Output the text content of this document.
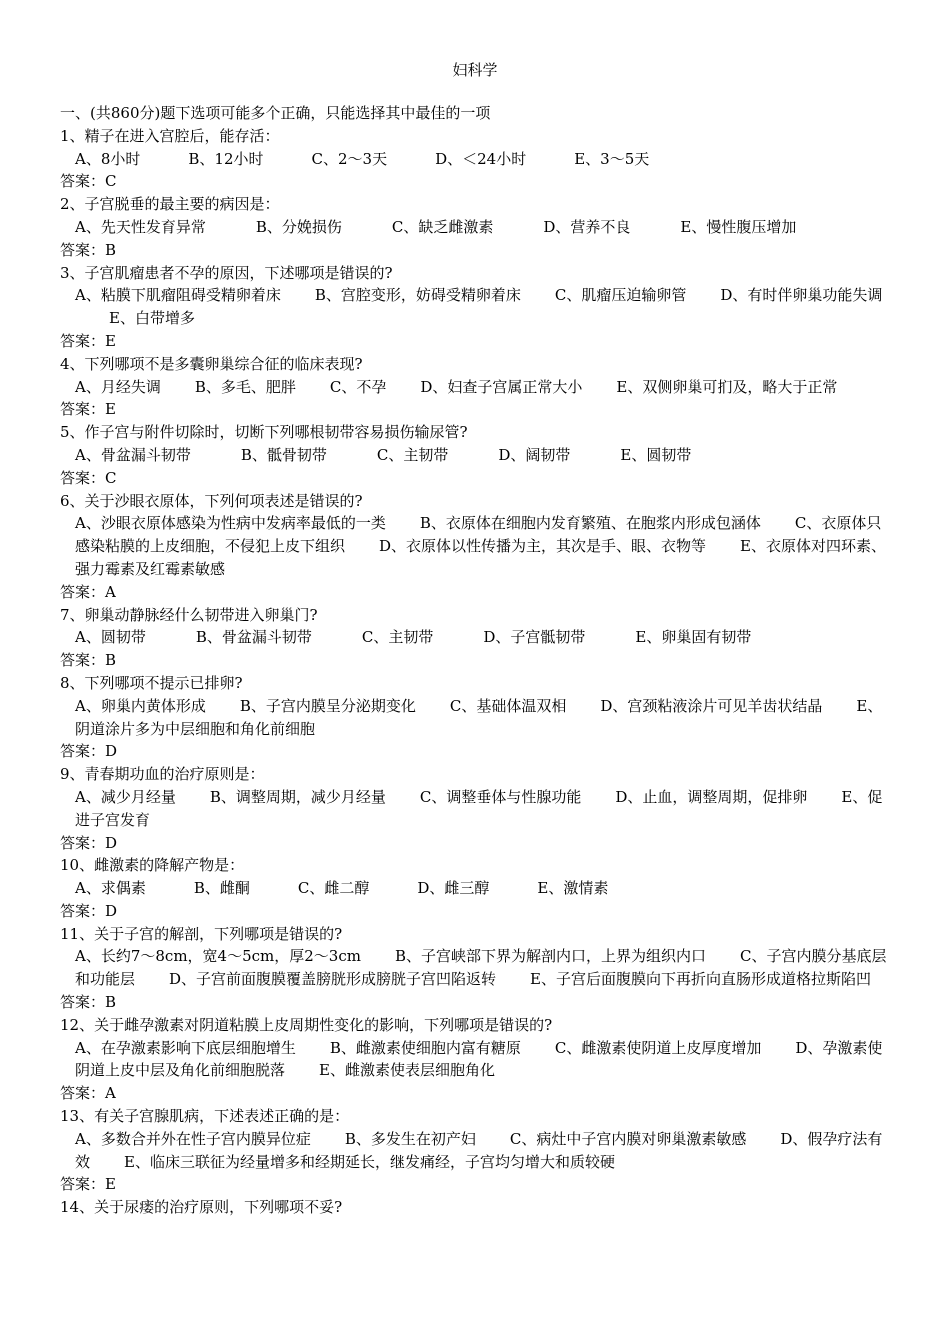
妇科学
一、(共860分)题下选项可能多个正确，只能选择其中最佳的一项
1、精子在进入宫腔后，能存活：
A、8小时	B、12小时	C、2～3天	D、＜24小时	E、3～5天
答案：C
2、子宫脱垂的最主要的病因是：
A、先天性发育异常	B、分娩损伤	C、缺乏雌激素	D、营养不良	E、慢性腹压增加
答案：B
3、子宫肌瘤患者不孕的原因，下述哪项是错误的?
A、粘膜下肌瘤阻碍受精卵着床 B、宫腔变形，妨碍受精卵着床 C、肌瘤压迫输卵管 D、有时伴卵巢功能失调E、白带增多
答案：E
4、下列哪项不是多囊卵巢综合征的临床表现?
A、月经失调 B、多毛、肥胖 C、不孕 D、妇查子宫属正常大小 E、双侧卵巢可扪及，略大于正常
答案：E
5、作子宫与附件切除时，切断下列哪根韧带容易损伤输尿管?
A、骨盆漏斗韧带	B、骶骨韧带	C、主韧带	D、阔韧带	E、圆韧带
答案：C
6、关于沙眼衣原体，下列何项表述是错误的?
A、沙眼衣原体感染为性病中发病率最低的一类 B、衣原体在细胞内发育繁殖、在胞浆内形成包涵体 C、衣原体只感染粘膜的上皮细胞，不侵犯上皮下组织 D、衣原体以性传播为主，其次是手、眼、衣物等 E、衣原体对四环素、强力霉素及红霉素敏感
答案：A
7、卵巢动静脉经什么韧带进入卵巢门?
A、圆韧带	B、骨盆漏斗韧带	C、主韧带	D、子宫骶韧带	E、卵巢固有韧带
答案：B
8、下列哪项不提示已排卵?
A、卵巢内黄体形成 B、子宫内膜呈分泌期变化 C、基础体温双相 D、宫颈粘液涂片可见羊齿状结晶 E、阴道涂片多为中层细胞和角化前细胞
答案：D
9、青春期功血的治疗原则是：
A、减少月经量 B、调整周期，减少月经量 C、调整垂体与性腺功能 D、止血，调整周期，促排卵 E、促进子宫发育
答案：D
10、雌激素的降解产物是：
A、求偶素	B、雌酮	C、雌二醇	D、雌三醇	E、激情素
答案：D
11、关于子宫的解剖，下列哪项是错误的?
A、长约7～8cm，宽4～5cm，厚2～3cm B、子宫峡部下界为解剖内口，上界为组织内口 C、子宫内膜分基底层和功能层 D、子宫前面腹膜覆盖膀胱形成膀胱子宫凹陷返转 E、子宫后面腹膜向下再折向直肠形成道格拉斯陷凹
答案：B
12、关于雌孕激素对阴道粘膜上皮周期性变化的影响，下列哪项是错误的?
A、在孕激素影响下底层细胞增生 B、雌激素使细胞内富有糖原 C、雌激素使阴道上皮厚度增加 D、孕激素使阴道上皮中层及角化前细胞脱落 E、雌激素使表层细胞角化
答案：A
13、有关子宫腺肌病，下述表述正确的是：
A、多数合并外在性子宫内膜异位症 B、多发生在初产妇 C、病灶中子宫内膜对卵巢激素敏感 D、假孕疗法有效 E、临床三联征为经量增多和经期延长，继发痛经，子宫均匀增大和质较硬
答案：E
14、关于尿瘘的治疗原则，下列哪项不妥?
